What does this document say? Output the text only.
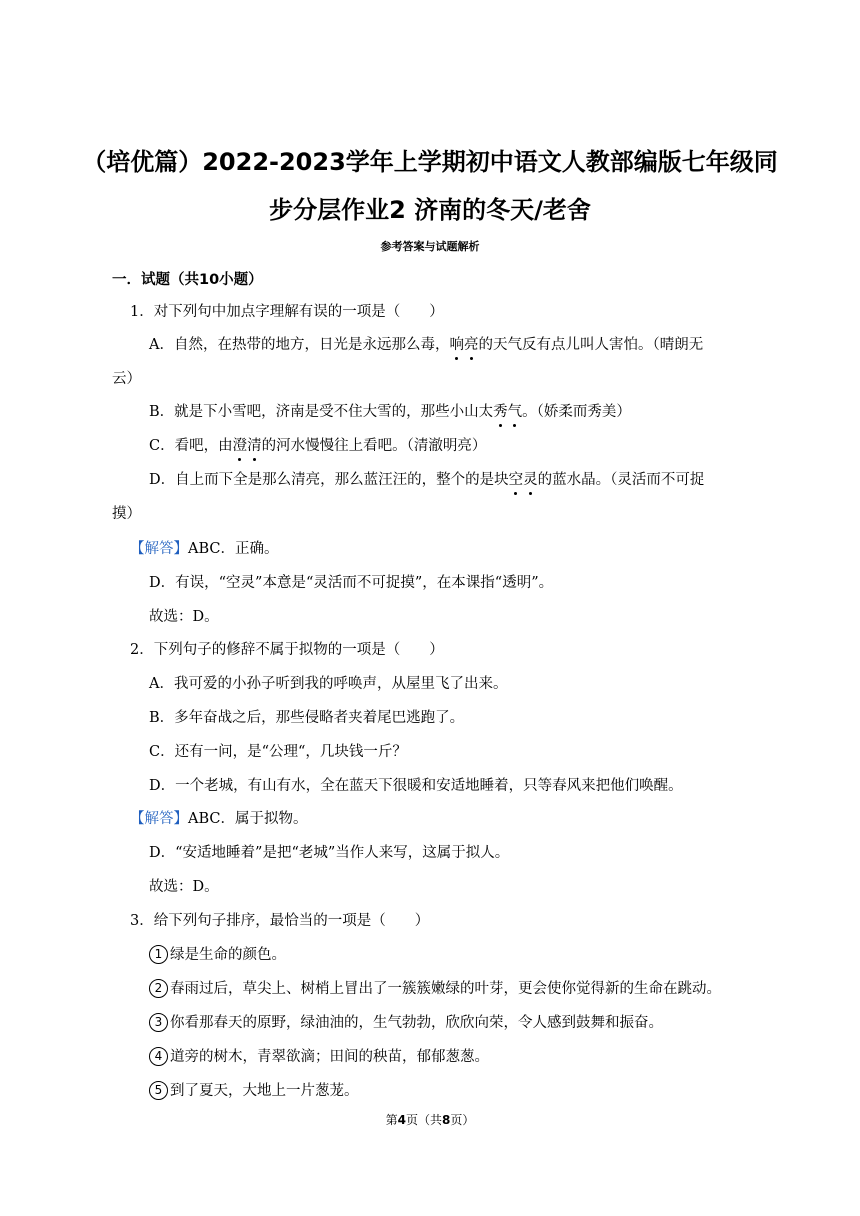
（培优篇）2022-2023学年上学期初中语文人教部编版七年级同
步分层作业2 济南的冬天/老舍
参考答案与试题解析
一．试题（共10小题）
1．对下列句中加点字理解有误的一项是（　　）
A．自然，在热带的地方，日光是永远那么毒，响亮的天气反有点儿叫人害怕。（晴朗无
云）
B．就是下小雪吧，济南是受不住大雪的，那些小山太秀气。（娇柔而秀美）
C．看吧，由澄清的河水慢慢往上看吧。（清澈明亮）
D．自上而下全是那么清亮，那么蓝汪汪的，整个的是块空灵的蓝水晶。（灵活而不可捉
摸）
【解答】ABC．正确。
D．有误，“空灵”本意是“灵活而不可捉摸”，在本课指“透明”。
故选：D。
2．下列句子的修辞不属于拟物的一项是（　　）
A．我可爱的小孙子听到我的呼唤声，从屋里飞了出来。
B．多年奋战之后，那些侵略者夹着尾巴逃跑了。
C．还有一问，是“公理“，几块钱一斤？
D．一个老城，有山有水，全在蓝天下很暖和安适地睡着，只等春风来把他们唤醒。
【解答】ABC．属于拟物。
D．“安适地睡着”是把“老城”当作人来写，这属于拟人。
故选：D。
3．给下列句子排序，最恰当的一项是（　　）
1 绿是生命的颜色。
2 春雨过后，草尖上、树梢上冒出了一簇簇嫩绿的叶芽，更会使你觉得新的生命在跳动。
3 你看那春天的原野，绿油油的，生气勃勃，欣欣向荣，令人感到鼓舞和振奋。
4 道旁的树木，青翠欲滴；田间的秧苗，郁郁葱葱。
5 到了夏天，大地上一片葱茏。
第4页（共8页）
